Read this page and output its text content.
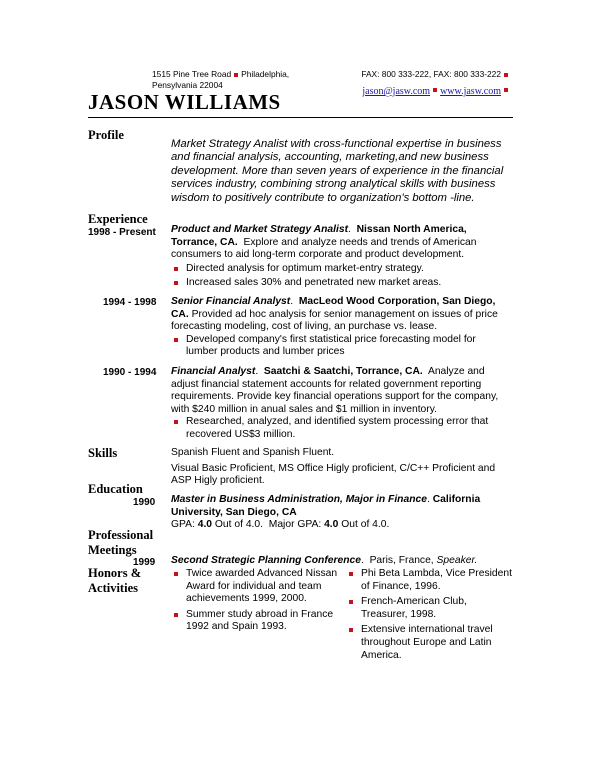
1515 Pine Tree Road Philadelphia,
Pensylvania 22004
FAX: 800 333-222, FAX: 800 333-222
jason@jasw.com www.jasw.com
JASON WILLIAMS
Profile
Market Strategy Analist with cross-functional expertise in business and financial analysis, accounting, marketing,and new business development. More than seven years of experience in the financial services industry, combining strong analytical skills with business wisdom to positively contribute to organization's bottom -line.
Experience
1998 - Present Product and Market Strategy Analist.  Nissan North America, Torrance, CA. Explore and analyze needs and trends of American consumers to aid long-term corporate and product development.
Directed analysis for optimum market-entry strategy.
Increased sales 30% and penetrated new market areas.
1994 - 1998 Senior Financial Analyst.  MacLeod Wood Corporation, San Diego, CA. Provided ad hoc analysis for senior management on issues of price forecasting modeling, cost of living, an purchase vs. lease.
Developed company's first statistical price forecasting model for lumber products and lumber prices
1990 - 1994 Financial Analyst.  Saatchi & Saatchi, Torrance, CA. Analyze and adjust financial statement accounts for related government reporting requirements. Provide key financial operations support for the company, with $240 million in anual sales and $1 million in inventory.
Researched, analyzed, and identified system processing error that recovered US$3 million.
Skills	Spanish Fluent and Spanish Fluent.
Visual Basic Proficient, MS Office Higly proficient, C/C++ Proficient and ASP Higly proficient.
Education
1990 Master in Business Administration, Major in Finance. California University, San Diego, CA
GPA: 4.0 Out of 4.0. Major GPA: 4.0 Out of 4.0.
Professional Meetings
1999 Second Strategic Planning Conference.  Paris, France, Speaker.
Honors & Activities
Twice awarded Advanced Nissan Award for individual and team achievements 1999, 2000.
Summer study abroad in France 1992 and Spain 1993.
Phi Beta Lambda, Vice President of Finance, 1996.
French-American Club, Treasurer, 1998.
Extensive international travel throughout Europe and Latin America.
